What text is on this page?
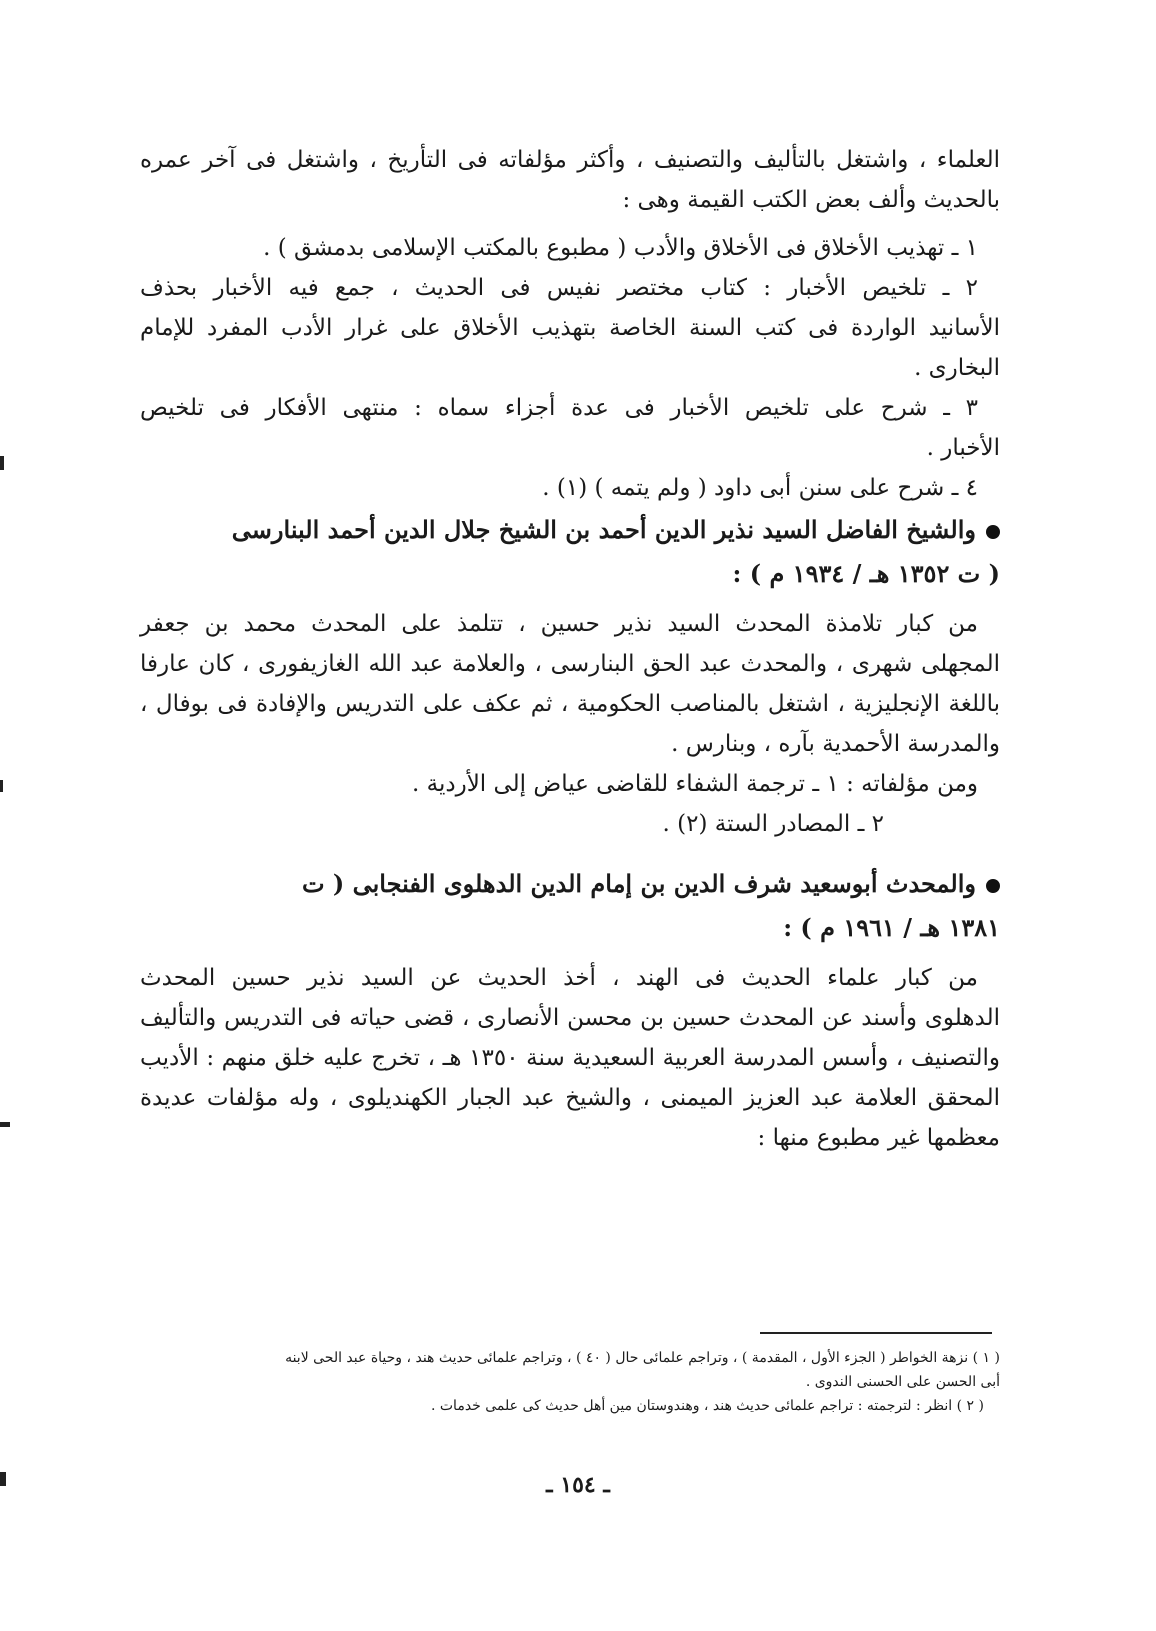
العلماء ، واشتغل بالتأليف والتصنيف ، وأكثر مؤلفاته فى التأريخ ، واشتغل فى آخر عمره

بالحديث وألف بعض الكتب القيمة وهى :

١ ـ تهذيب الأخلاق فى الأخلاق والأدب ( مطبوع بالمكتب الإسلامى بدمشق ) .

٢ ـ تلخيص الأخبار : كتاب مختصر نفيس فى الحديث ، جمع فيه الأخبار بحذف

الأسانيد الواردة فى كتب السنة الخاصة بتهذيب الأخلاق على غرار الأدب المفرد للإمام

البخارى .

٣ ـ شرح على تلخيص الأخبار فى عدة أجزاء سماه : منتهى الأفكار فى تلخيص

الأخبار .

٤ ـ شرح على سنن أبى داود ( ولم يتمه ) (١) .

والشيخ الفاضل السيد نذير الدين أحمد بن الشيخ جلال الدين أحمد البنارسى

( ت ١٣٥٢ هـ / ١٩٣٤ م ) :

من كبار تلامذة المحدث السيد نذير حسين ، تتلمذ على المحدث محمد بن جعفر

المجهلى شهرى ، والمحدث عبد الحق البنارسى ، والعلامة عبد الله الغازيفورى ، كان عارفا

باللغة الإنجليزية ، اشتغل بالمناصب الحكومية ، ثم عكف على التدريس والإفادة فى بوفال ،

والمدرسة الأحمدية بآره ، وبنارس .

ومن مؤلفاته : ١ ـ ترجمة الشفاء للقاضى عياض إلى الأردية .

٢ ـ المصادر الستة (٢) .

والمحدث أبوسعيد شرف الدين بن إمام الدين الدهلوى الفنجابى ( ت

١٣٨١ هـ / ١٩٦١ م ) :

من كبار علماء الحديث فى الهند ، أخذ الحديث عن السيد نذير حسين المحدث

الدهلوى وأسند عن المحدث حسين بن محسن الأنصارى ، قضى حياته فى التدريس والتأليف

والتصنيف ، وأسس المدرسة العربية السعيدية سنة ١٣٥٠ هـ ، تخرج عليه خلق منهم : الأديب

المحقق العلامة عبد العزيز الميمنى ، والشيخ عبد الجبار الكهنديلوى ، وله مؤلفات عديدة

معظمها غير مطبوع منها :

( ١ ) نزهة الخواطر ( الجزء الأول ، المقدمة ) ، وتراجم علمائى حال ( ٤٠ ) ، وتراجم علمائى حديث هند ، وحياة عبد الحى لابنه

أبى الحسن على الحسنى الندوى .

( ٢ ) انظر : لترجمته : تراجم علمائى حديث هند ، وهندوستان مين أهل حديث كى علمى خدمات .

ـ ١٥٤ ـ
